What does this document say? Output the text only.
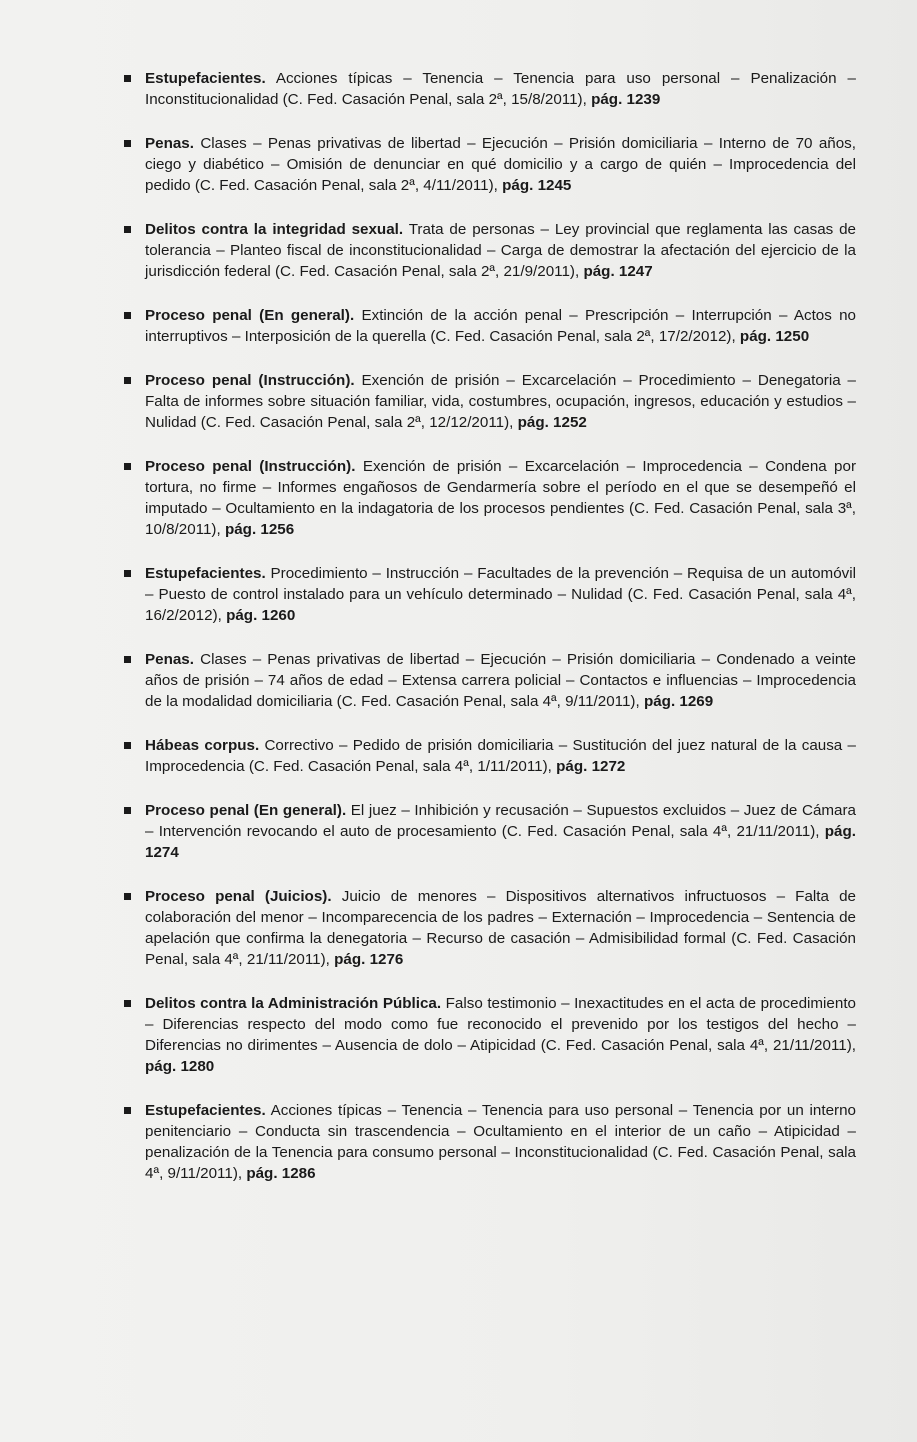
Estupefacientes. Acciones típicas – Tenencia – Tenencia para uso personal – Penalización – Inconstitucionalidad (C. Fed. Casación Penal, sala 2ª, 15/8/2011), pág. 1239
Penas. Clases – Penas privativas de libertad – Ejecución – Prisión domiciliaria – Interno de 70 años, ciego y diabético – Omisión de denunciar en qué domicilio y a cargo de quién – Improcedencia del pedido (C. Fed. Casación Penal, sala 2ª, 4/11/2011), pág. 1245
Delitos contra la integridad sexual. Trata de personas – Ley provincial que reglamenta las casas de tolerancia – Planteo fiscal de inconstitucionalidad – Carga de demostrar la afectación del ejercicio de la jurisdicción federal (C. Fed. Casación Penal, sala 2ª, 21/9/2011), pág. 1247
Proceso penal (En general). Extinción de la acción penal – Prescripción – Interrupción – Actos no interruptivos – Interposición de la querella (C. Fed. Casación Penal, sala 2ª, 17/2/2012), pág. 1250
Proceso penal (Instrucción). Exención de prisión – Excarcelación – Procedimiento – Denegatoria – Falta de informes sobre situación familiar, vida, costumbres, ocupación, ingresos, educación y estudios – Nulidad (C. Fed. Casación Penal, sala 2ª, 12/12/2011), pág. 1252
Proceso penal (Instrucción). Exención de prisión – Excarcelación – Improcedencia – Condena por tortura, no firme – Informes engañosos de Gendarmería sobre el período en el que se desempeñó el imputado – Ocultamiento en la indagatoria de los procesos pendientes (C. Fed. Casación Penal, sala 3ª, 10/8/2011), pág. 1256
Estupefacientes. Procedimiento – Instrucción – Facultades de la prevención – Requisa de un automóvil – Puesto de control instalado para un vehículo determinado – Nulidad (C. Fed. Casación Penal, sala 4ª, 16/2/2012), pág. 1260
Penas. Clases – Penas privativas de libertad – Ejecución – Prisión domiciliaria – Condenado a veinte años de prisión – 74 años de edad – Extensa carrera policial – Contactos e influencias – Improcedencia de la modalidad domiciliaria (C. Fed. Casación Penal, sala 4ª, 9/11/2011), pág. 1269
Hábeas corpus. Correctivo – Pedido de prisión domiciliaria – Sustitución del juez natural de la causa – Improcedencia (C. Fed. Casación Penal, sala 4ª, 1/11/2011), pág. 1272
Proceso penal (En general). El juez – Inhibición y recusación – Supuestos excluidos – Juez de Cámara – Intervención revocando el auto de procesamiento (C. Fed. Casación Penal, sala 4ª, 21/11/2011), pág. 1274
Proceso penal (Juicios). Juicio de menores – Dispositivos alternativos infructuosos – Falta de colaboración del menor – Incomparecencia de los padres – Externación – Improcedencia – Sentencia de apelación que confirma la denegatoria – Recurso de casación – Admisibilidad formal (C. Fed. Casación Penal, sala 4ª, 21/11/2011), pág. 1276
Delitos contra la Administración Pública. Falso testimonio – Inexactitudes en el acta de procedimiento – Diferencias respecto del modo como fue reconocido el prevenido por los testigos del hecho – Diferencias no dirimentes – Ausencia de dolo – Atipicidad (C. Fed. Casación Penal, sala 4ª, 21/11/2011), pág. 1280
Estupefacientes. Acciones típicas – Tenencia – Tenencia para uso personal – Tenencia por un interno penitenciario – Conducta sin trascendencia – Ocultamiento en el interior de un caño – Atipicidad – penalización de la Tenencia para consumo personal – Inconstitucionalidad (C. Fed. Casación Penal, sala 4ª, 9/11/2011), pág. 1286
